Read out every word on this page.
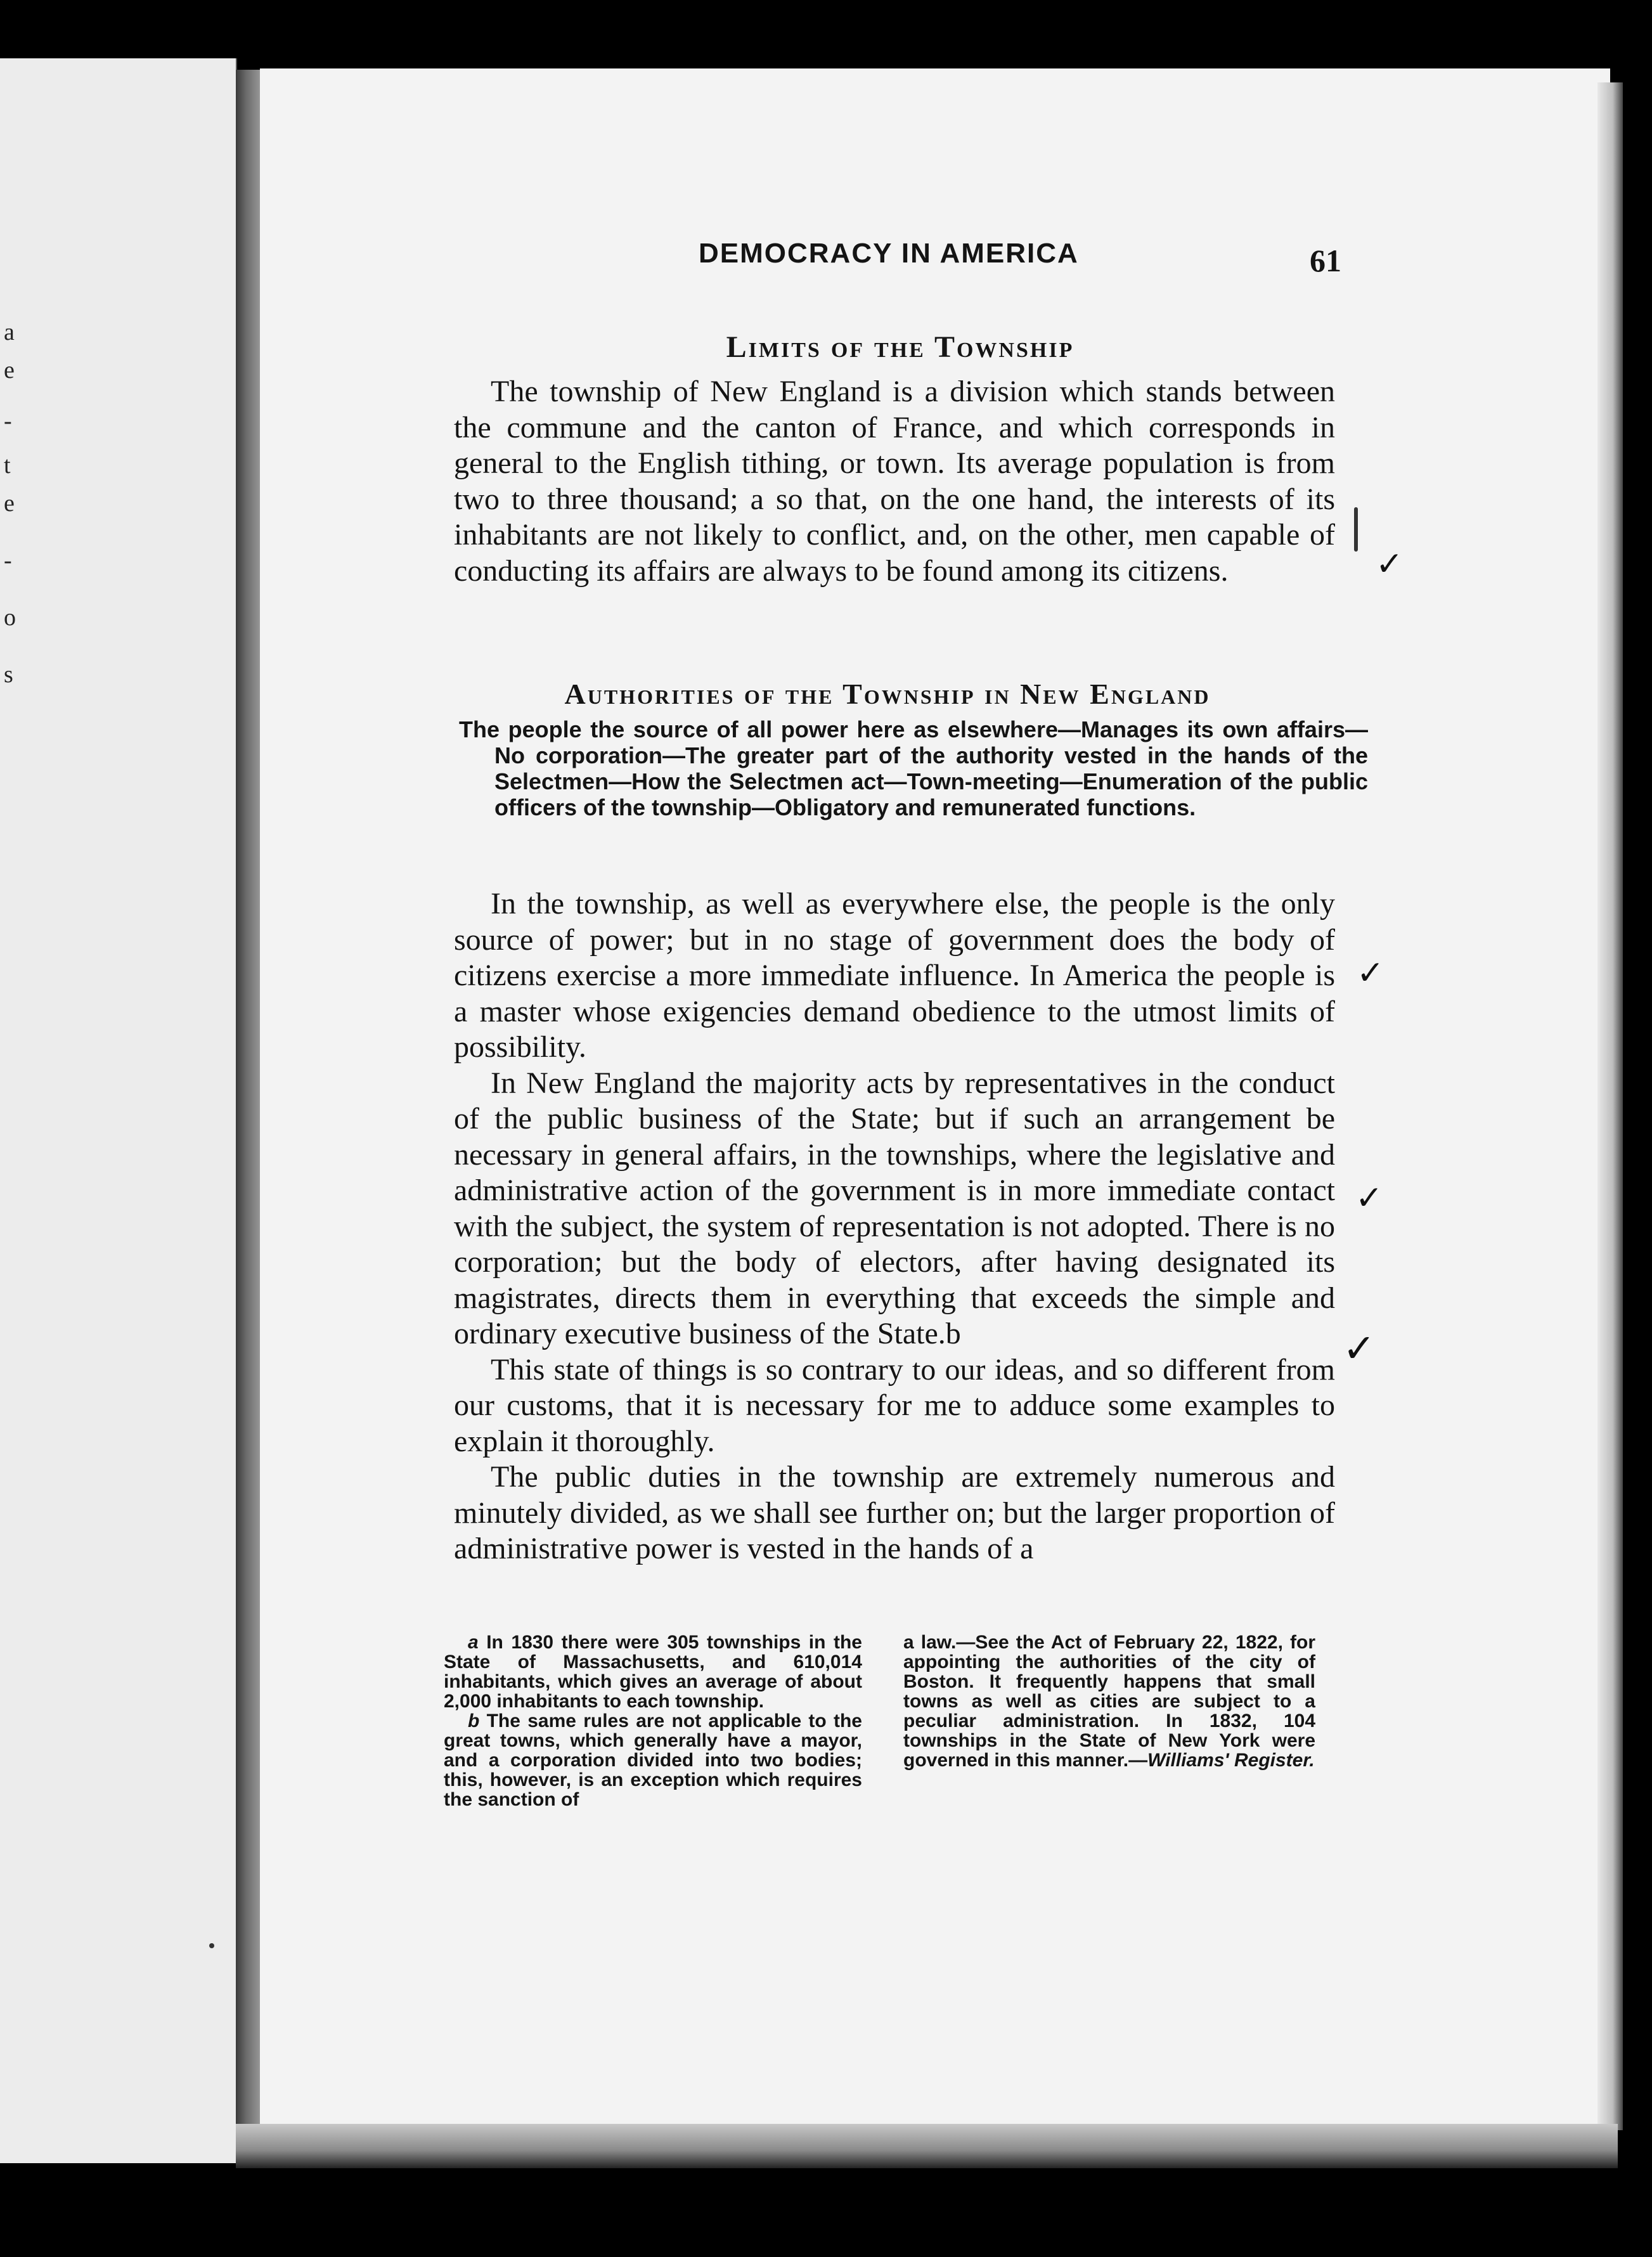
a
e
-
t
e
-
o
s
DEMOCRACY IN AMERICA	61
Limits of the Township

The township of New England is a division which stands between the commune and the canton of France, and which corresponds in general to the English tithing, or town. Its average population is from two to three thousand; a so that, on the one hand, the interests of its inhabitants are not likely to conflict, and, on the other, men capable of conducting its affairs are always to be found among its citizens.

Authorities of the Township in New England
The people the source of all power here as elsewhere—Manages its own affairs—No corporation—The greater part of the authority vested in the hands of the Selectmen—How the Selectmen act—Town-meeting—Enumeration of the public officers of the township—Obligatory and remunerated functions.

In the township, as well as everywhere else, the people is the only source of power; but in no stage of government does the body of citizens exercise a more immediate influence. In America the people is a master whose exigencies demand obedience to the utmost limits of possibility.

In New England the majority acts by representatives in the conduct of the public business of the State; but if such an arrangement be necessary in general affairs, in the townships, where the legislative and administrative action of the government is in more immediate contact with the subject, the system of representation is not adopted. There is no corporation; but the body of electors, after having designated its magistrates, directs them in everything that exceeds the simple and ordinary executive business of the State.b

This state of things is so contrary to our ideas, and so different from our customs, that it is necessary for me to adduce some examples to explain it thoroughly.

The public duties in the township are extremely numerous and minutely divided, as we shall see further on; but the larger proportion of administrative power is vested in the hands of a

a In 1830 there were 305 townships in the State of Massachusetts, and 610,014 inhabitants, which gives an average of about 2,000 inhabitants to each township.

b The same rules are not applicable to the great towns, which generally have a mayor, and a corporation divided into two bodies; this, however, is an exception which requires the sanction of

a law.—See the Act of February 22, 1822, for appointing the authorities of the city of Boston. It frequently happens that small towns as well as cities are subject to a peculiar administration. In 1832, 104 townships in the State of New York were governed in this manner.—Williams' Register.

✓
✓
✓
✓
